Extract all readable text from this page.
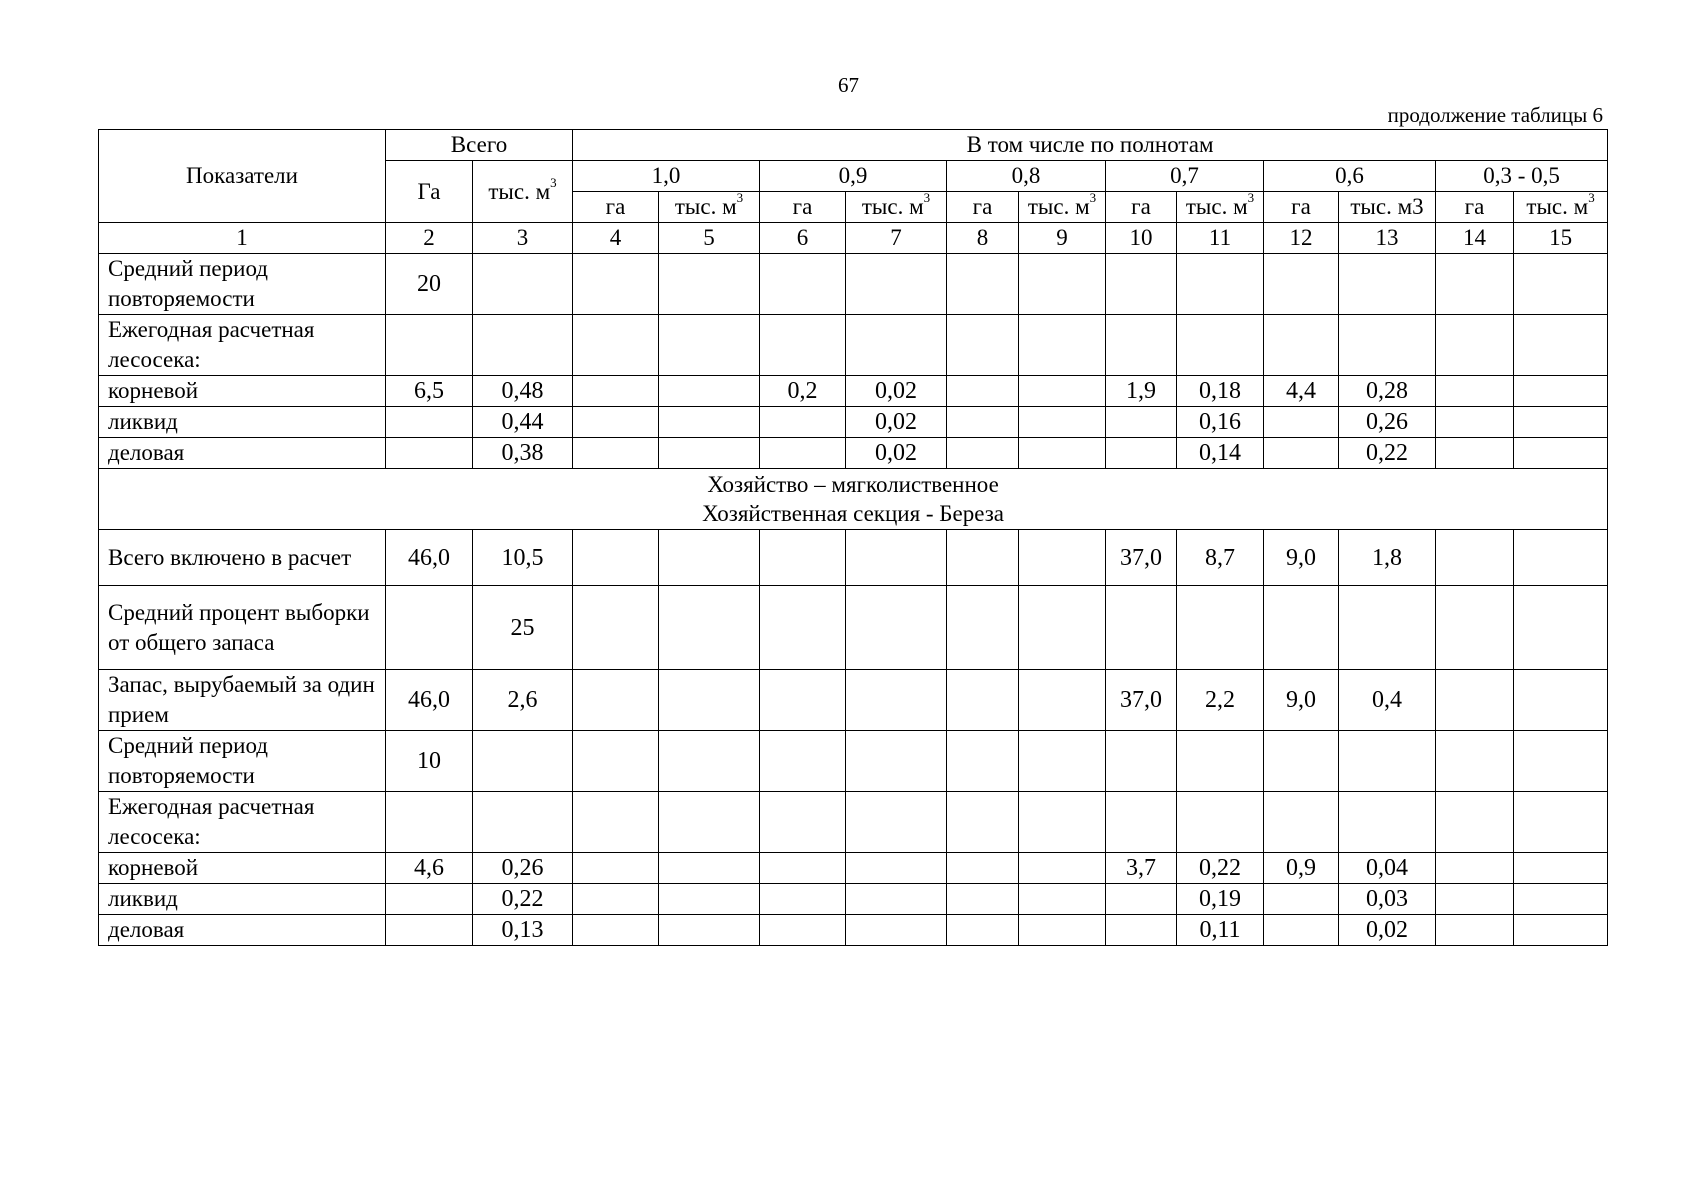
67
продолжение таблицы 6
Показатели	Всего		В том числе по полнотам											
	Га	тыс. $м^3$	1,0		0,9		0,8		0,7		0,6		0,3 - 0,5	
			га	тыс. $м^3$	га	тыс. $м^3$	га	тыс. $м^3$	га	тыс. $м^3$	га	тыс. м3	га	тыс. $м^3$
1	2	3	4	5	6	7	8	9	10	11	12	13	14	15
Средний период повторяемости	20													
Ежегодная расчетная лесосека:														
корневой	6,5	0,48			0,2	0,02			1,9	0,18	4,4	0,28		
ликвид		0,44				0,02				0,16		0,26		
деловая		0,38				0,02				0,14		0,22		

Хозяйство – мягколиственное
Хозяйственная секция - Береза														

Всего включено в расчет	46,0	10,5							37,0	8,7	9,0	1,8		
Средний процент выборки от общего запаса		25												
Запас, вырубаемый за один прием	46,0	2,6							37,0	2,2	9,0	0,4		
Средний период повторяемости	10													
Ежегодная расчетная лесосека:														
корневой	4,6	0,26							3,7	0,22	0,9	0,04		
ликвид		0,22								0,19		0,03		
деловая		0,13								0,11		0,02		
